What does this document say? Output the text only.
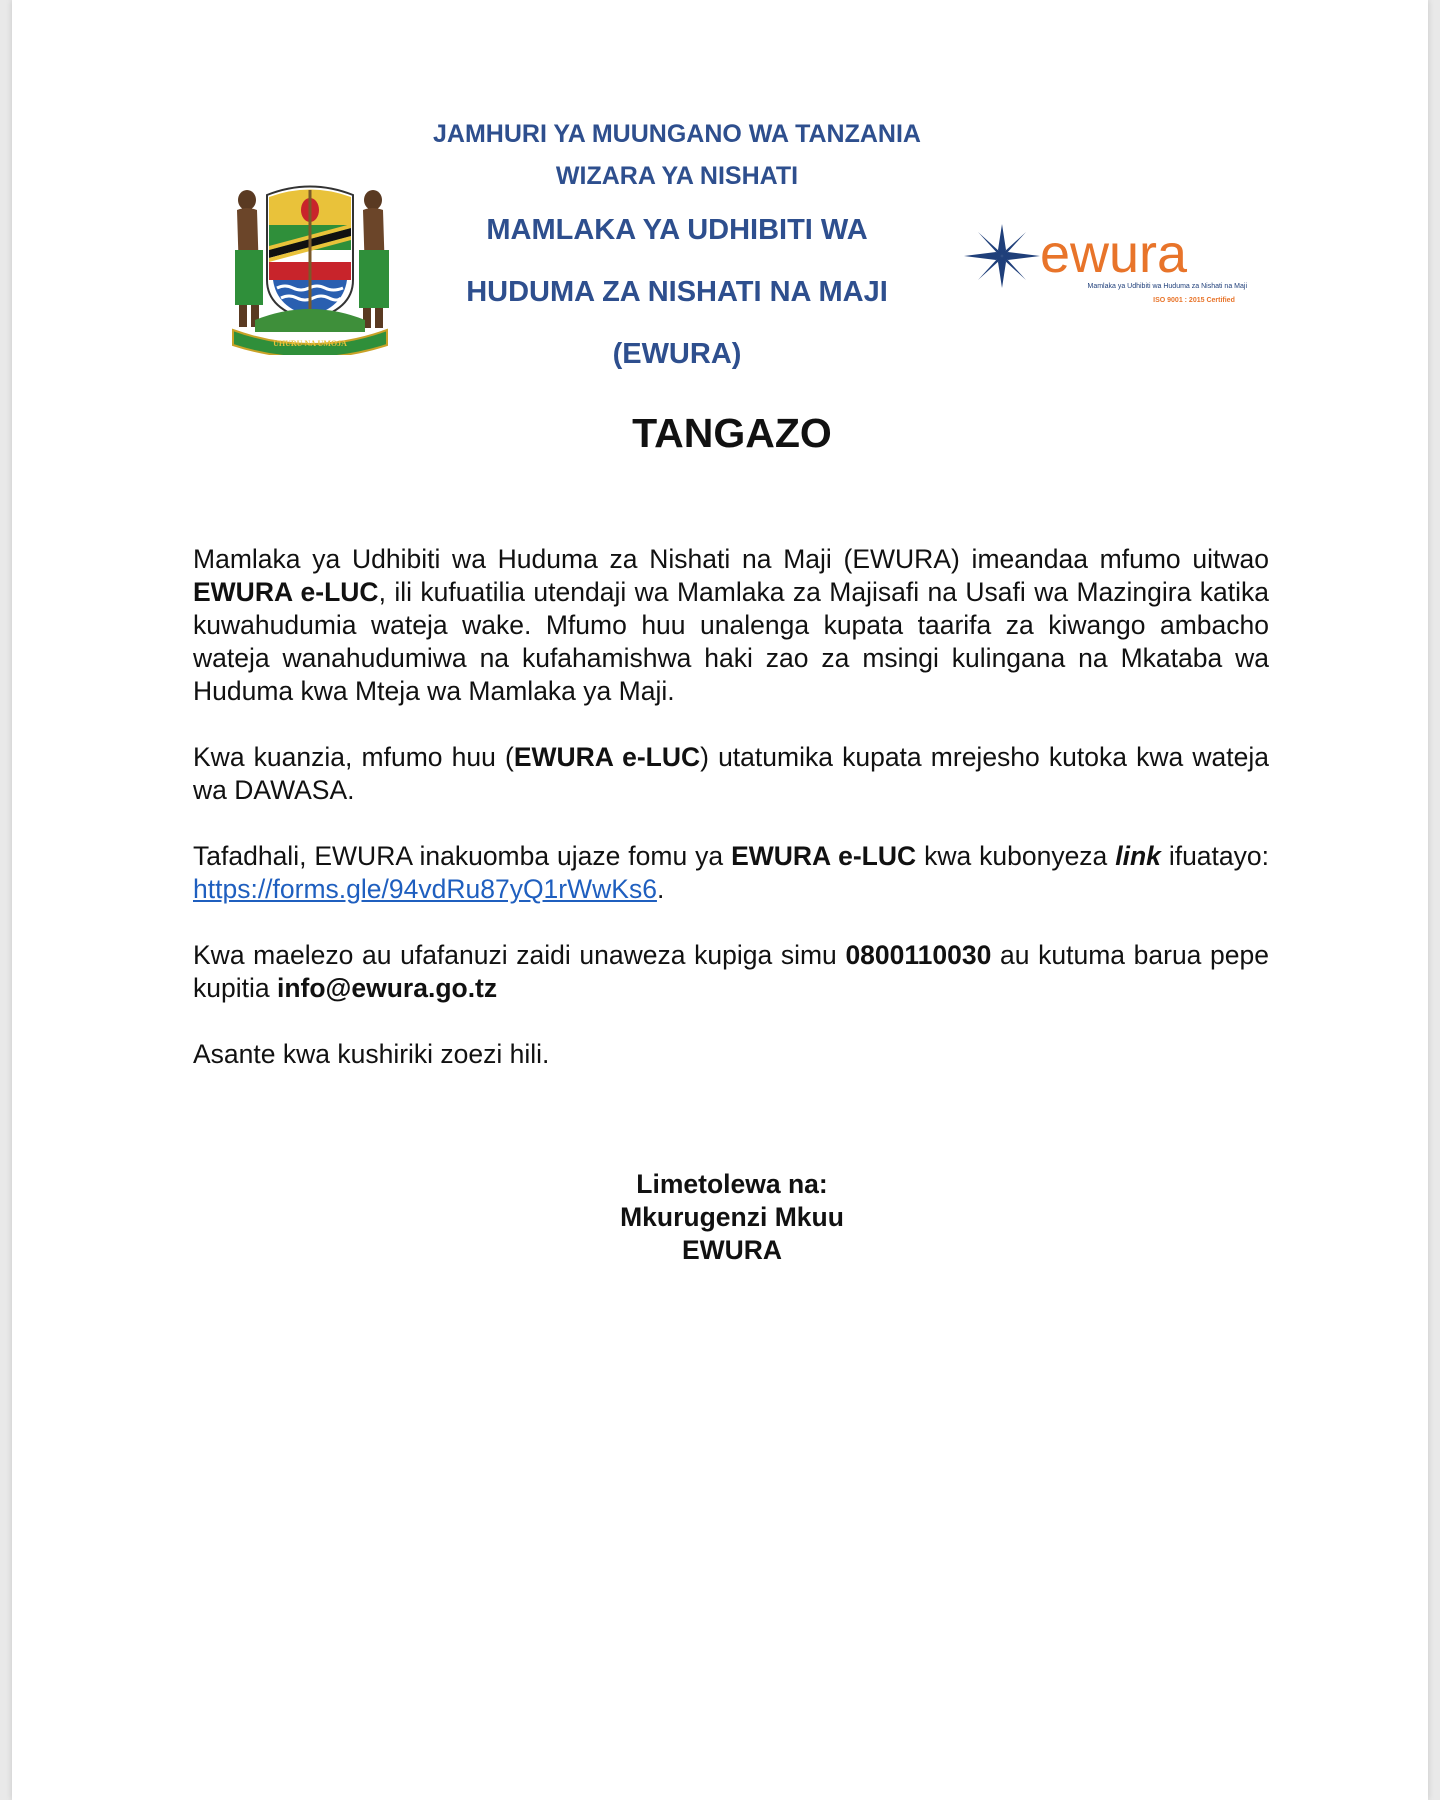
UHURU NA UMOJA
JAMHURI YA MUUNGANO WA TANZANIA
WIZARA YA NISHATI
MAMLAKA YA UDHIBITI WA
HUDUMA ZA NISHATI NA MAJI
(EWURA)
ewura
Mamlaka ya Udhibiti wa Huduma za Nishati na Maji
ISO 9001 : 2015 Certified
TANGAZO

Mamlaka ya Udhibiti wa Huduma za Nishati na Maji (EWURA) imeandaa mfumo uitwao EWURA e-LUC, ili kufuatilia utendaji wa Mamlaka za Majisafi na Usafi wa Mazingira katika kuwahudumia wateja wake. Mfumo huu unalenga kupata taarifa za kiwango ambacho wateja wanahudumiwa na kufahamishwa haki zao za msingi kulingana na Mkataba wa Huduma kwa Mteja wa Mamlaka ya Maji.

Kwa kuanzia, mfumo huu (EWURA e-LUC) utatumika kupata mrejesho kutoka kwa wateja wa DAWASA.

Tafadhali, EWURA inakuomba ujaze fomu ya EWURA e-LUC kwa kubonyeza link ifuatayo: https://forms.gle/94vdRu87yQ1rWwKs6.

Kwa maelezo au ufafanuzi zaidi unaweza kupiga simu 0800110030 au kutuma barua pepe kupitia info@ewura.go.tz

Asante kwa kushiriki zoezi hili.

Limetolewa na:
Mkurugenzi Mkuu
EWURA
